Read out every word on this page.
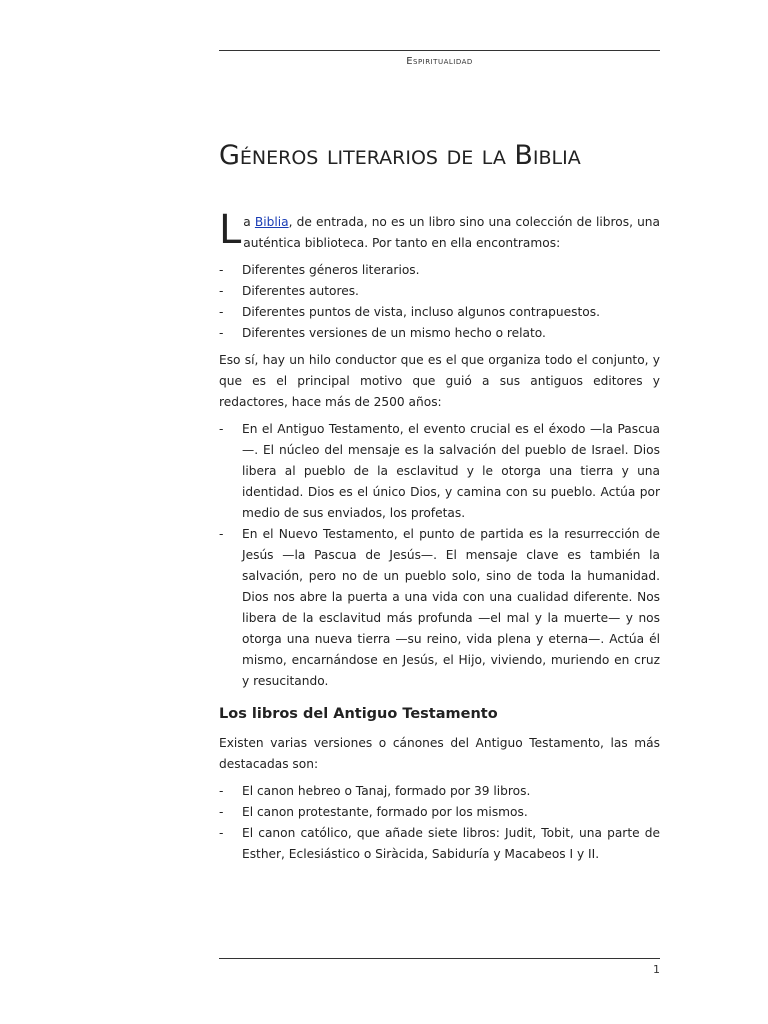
Espiritualidad
Géneros literarios de la Biblia

La Biblia, de entrada, no es un libro sino una colección de libros, una auténtica biblioteca. Por tanto en ella encontramos:

- Diferentes géneros literarios.
- Diferentes autores.
- Diferentes puntos de vista, incluso algunos contrapuestos.
- Diferentes versiones de un mismo hecho o relato.

Eso sí, hay un hilo conductor que es el que organiza todo el conjunto, y que es el principal motivo que guió a sus antiguos editores y redactores, hace más de 2500 años:

- En el Antiguo Testamento, el evento crucial es el éxodo —la Pascua—. El núcleo del mensaje es la salvación del pueblo de Israel. Dios libera al pueblo de la esclavitud y le otorga una tierra y una identidad. Dios es el único Dios, y camina con su pueblo. Actúa por medio de sus enviados, los profetas.
- En el Nuevo Testamento, el punto de partida es la resurrección de Jesús —la Pascua de Jesús—. El mensaje clave es también la salvación, pero no de un pueblo solo, sino de toda la humanidad. Dios nos abre la puerta a una vida con una cualidad diferente. Nos libera de la esclavitud más profunda —el mal y la muerte— y nos otorga una nueva tierra —su reino, vida plena y eterna—. Actúa él mismo, encarnándose en Jesús, el Hijo, viviendo, muriendo en cruz y resucitando.
Los libros del Antiguo Testamento

Existen varias versiones o cánones del Antiguo Testamento, las más destacadas son:

- El canon hebreo o Tanaj, formado por 39 libros.
- El canon protestante, formado por los mismos.
- El canon católico, que añade siete libros: Judit, Tobit, una parte de Esther, Eclesiástico o Siràcida, Sabiduría y Macabeos I y II.
1
